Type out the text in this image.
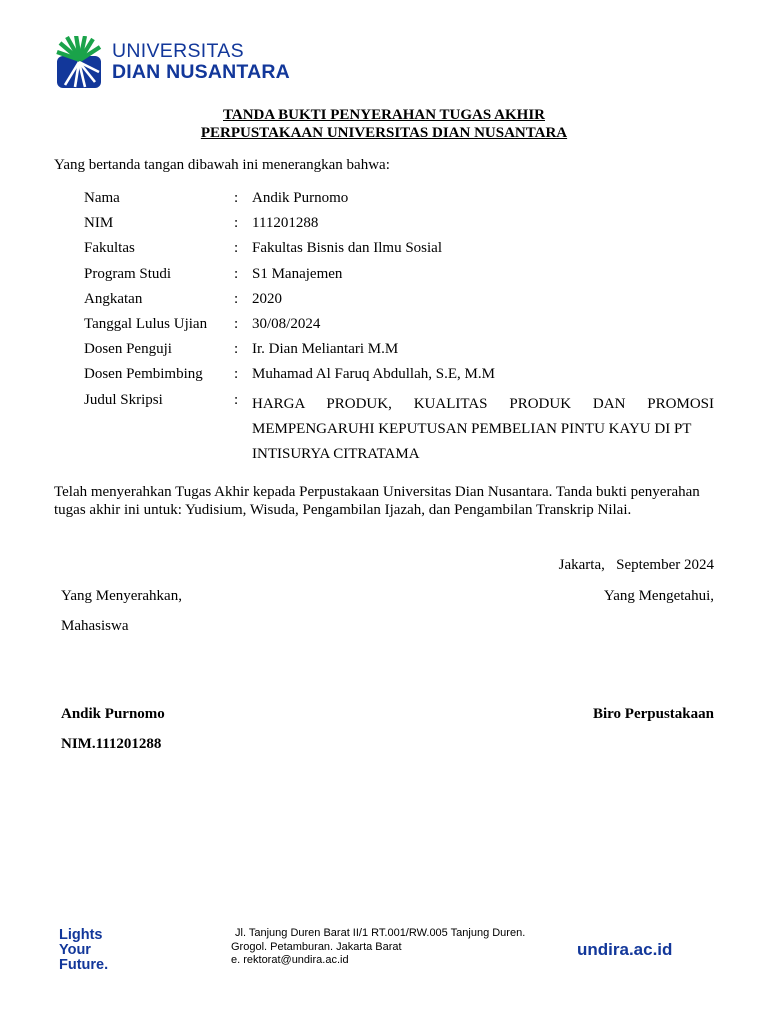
UNIVERSITAS
DIAN NUSANTARA
TANDA BUKTI PENYERAHAN TUGAS AKHIR
PERPUSTAKAAN UNIVERSITAS DIAN NUSANTARA
Yang bertanda tangan dibawah ini menerangkan bahwa:
Nama	: Andik Purnomo
NIM	: 111201288
Fakultas	: Fakultas Bisnis dan Ilmu Sosial
Program Studi	: S1 Manajemen
Angkatan	: 2020
Tanggal Lulus Ujian : 30/08/2024
Dosen Penguji	: Ir. Dian Meliantari M.M
Dosen Pembimbing : Muhamad Al Faruq Abdullah, S.E, M.M
Judul Skripsi	: HARGA PRODUK, KUALITAS PRODUK DAN PROMOSI
MEMPENGARUHI KEPUTUSAN PEMBELIAN PINTU KAYU DI PT
INTISURYA CITRATAMA
Telah menyerahkan Tugas Akhir kepada Perpustakaan Universitas Dian Nusantara. Tanda bukti penyerahan tugas akhir ini untuk: Yudisium, Wisuda, Pengambilan Ijazah, dan Pengambilan Transkrip Nilai.
Jakarta,   September 2024
Yang Menyerahkan,	Yang Mengetahui,
Mahasiswa
Andik Purnomo	Biro Perpustakaan
NIM.111201288
Lights
Your
Future.
Jl. Tanjung Duren Barat II/1 RT.001/RW.005 Tanjung Duren.
Grogol. Petamburan. Jakarta Barat
e. rektorat@undira.ac.id
undira.ac.id
